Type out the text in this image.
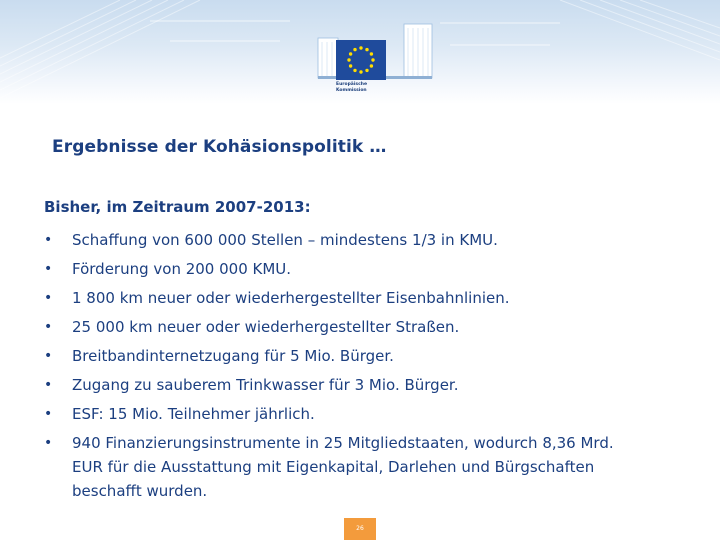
Europäische Kommission
Ergebnisse der Kohäsionspolitik …

Bisher, im Zeitraum 2007-2013:

• Schaffung von 600 000 Stellen – mindestens 1/3 in KMU.
• Förderung von 200 000 KMU.
• 1 800 km neuer oder wiederhergestellter Eisenbahnlinien.
• 25 000 km neuer oder wiederhergestellter Straßen.
• Breitbandinternetzugang für 5 Mio. Bürger.
• Zugang zu sauberem Trinkwasser für 3 Mio. Bürger.
• ESF: 15 Mio. Teilnehmer jährlich.
• 940 Finanzierungsinstrumente in 25 Mitgliedstaaten, wodurch 8,36 Mrd. EUR für die Ausstattung mit Eigenkapital, Darlehen und Bürgschaften beschafft wurden.
26
